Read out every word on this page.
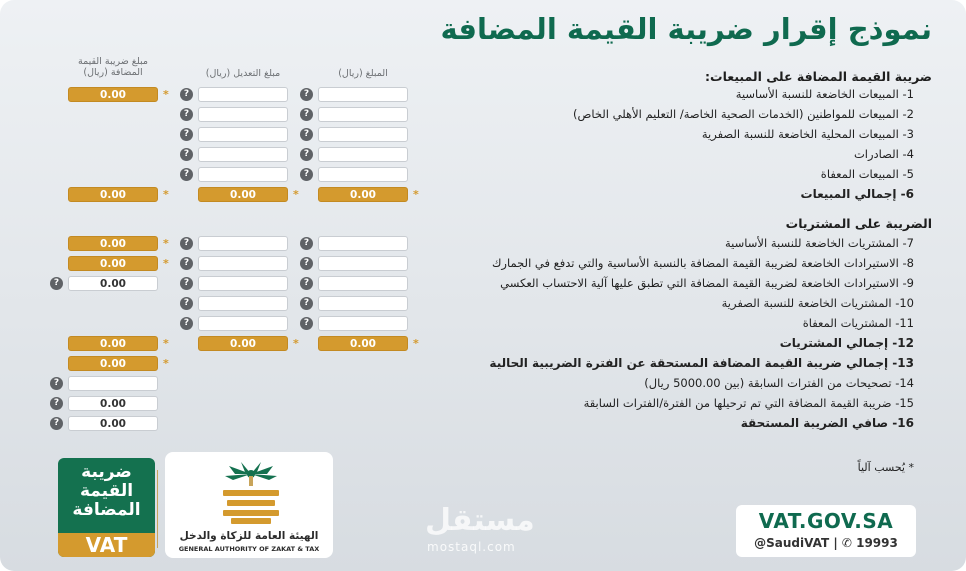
نموذج إقرار ضريبة القيمة المضافة
المبلغ (ريال)
مبلغ التعديل (ريال)
مبلغ ضريبة القيمة المضافة (ريال)	ضريبة القيمة المضافة على المبيعات:
1- المبيعات الخاضعة للنسبة الأساسية
?
?
*
0.00
2- المبيعات للمواطنين (الخدمات الصحية الخاصة/ التعليم الأهلي الخاص)
?
?
3- المبيعات المحلية الخاضعة للنسبة الصفرية
?
?
4- الصادرات
?
?
5- المبيعات المعفاة
?
?
6- إجمالي المبيعات
*
0.00
*
0.00
*
0.00
الضريبة على المشتريات
7- المشتريات الخاضعة للنسبة الأساسية
?
?
*
0.00
8- الاستيرادات الخاضعة لضريبة القيمة المضافة بالنسبة الأساسية والتي تدفع في الجمارك
?
?
*
0.00
9- الاستيرادات الخاضعة لضريبة القيمة المضافة التي تطبق عليها آلية الاحتساب العكسي
?
?
0.00
?
10- المشتريات الخاضعة للنسبة الصفرية
?
?
11- المشتريات المعفاة
?
?
12- إجمالي المشتريات
*
0.00
*
0.00
*
0.00
13- إجمالي ضريبة القيمة المضافة المستحقة عن الفترة الضريبية الحالية
*
0.00
14- تصحيحات من الفترات السابقة (بين 5000.00 ريال)
?
15- ضريبة القيمة المضافة التي تم ترحيلها من الفترة/الفترات السابقة
0.00
?
16- صافي الضريبة المستحقة
0.00
?
* يُحسب آلياً
ضريبة
القيمة
المضافة
VAT	الهيئة العامة للزكاة والدخل
GENERAL AUTHORITY OF ZAKAT & TAX
مستقل
mostaql.com
VAT.GOV.SA
@SaudiVAT | ✆ 19993
